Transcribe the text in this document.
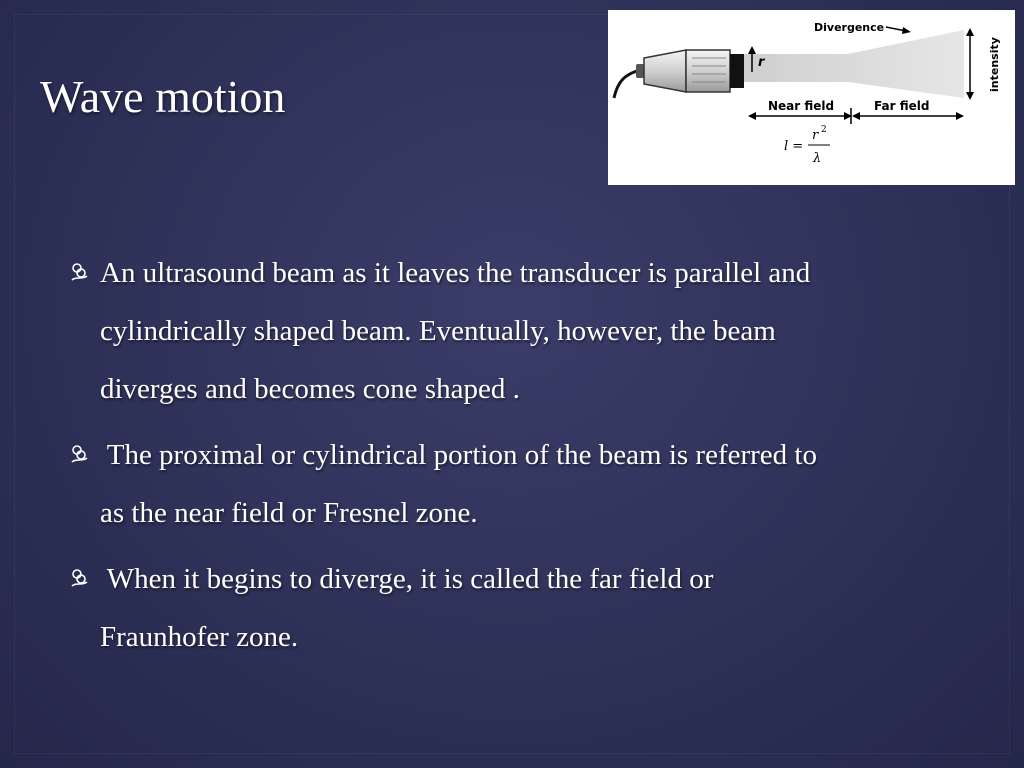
Wave motion
r
Divergence
intensity
Near field	Far field
l =
r 2
λ
An ultrasound beam as it leaves the transducer is parallel and
cylindrically shaped beam. Eventually, however, the beam
diverges and becomes cone shaped .
The proximal or cylindrical portion of the beam is referred to
as the near field or Fresnel zone.
When it begins to diverge, it is called the far field or
Fraunhofer zone.
